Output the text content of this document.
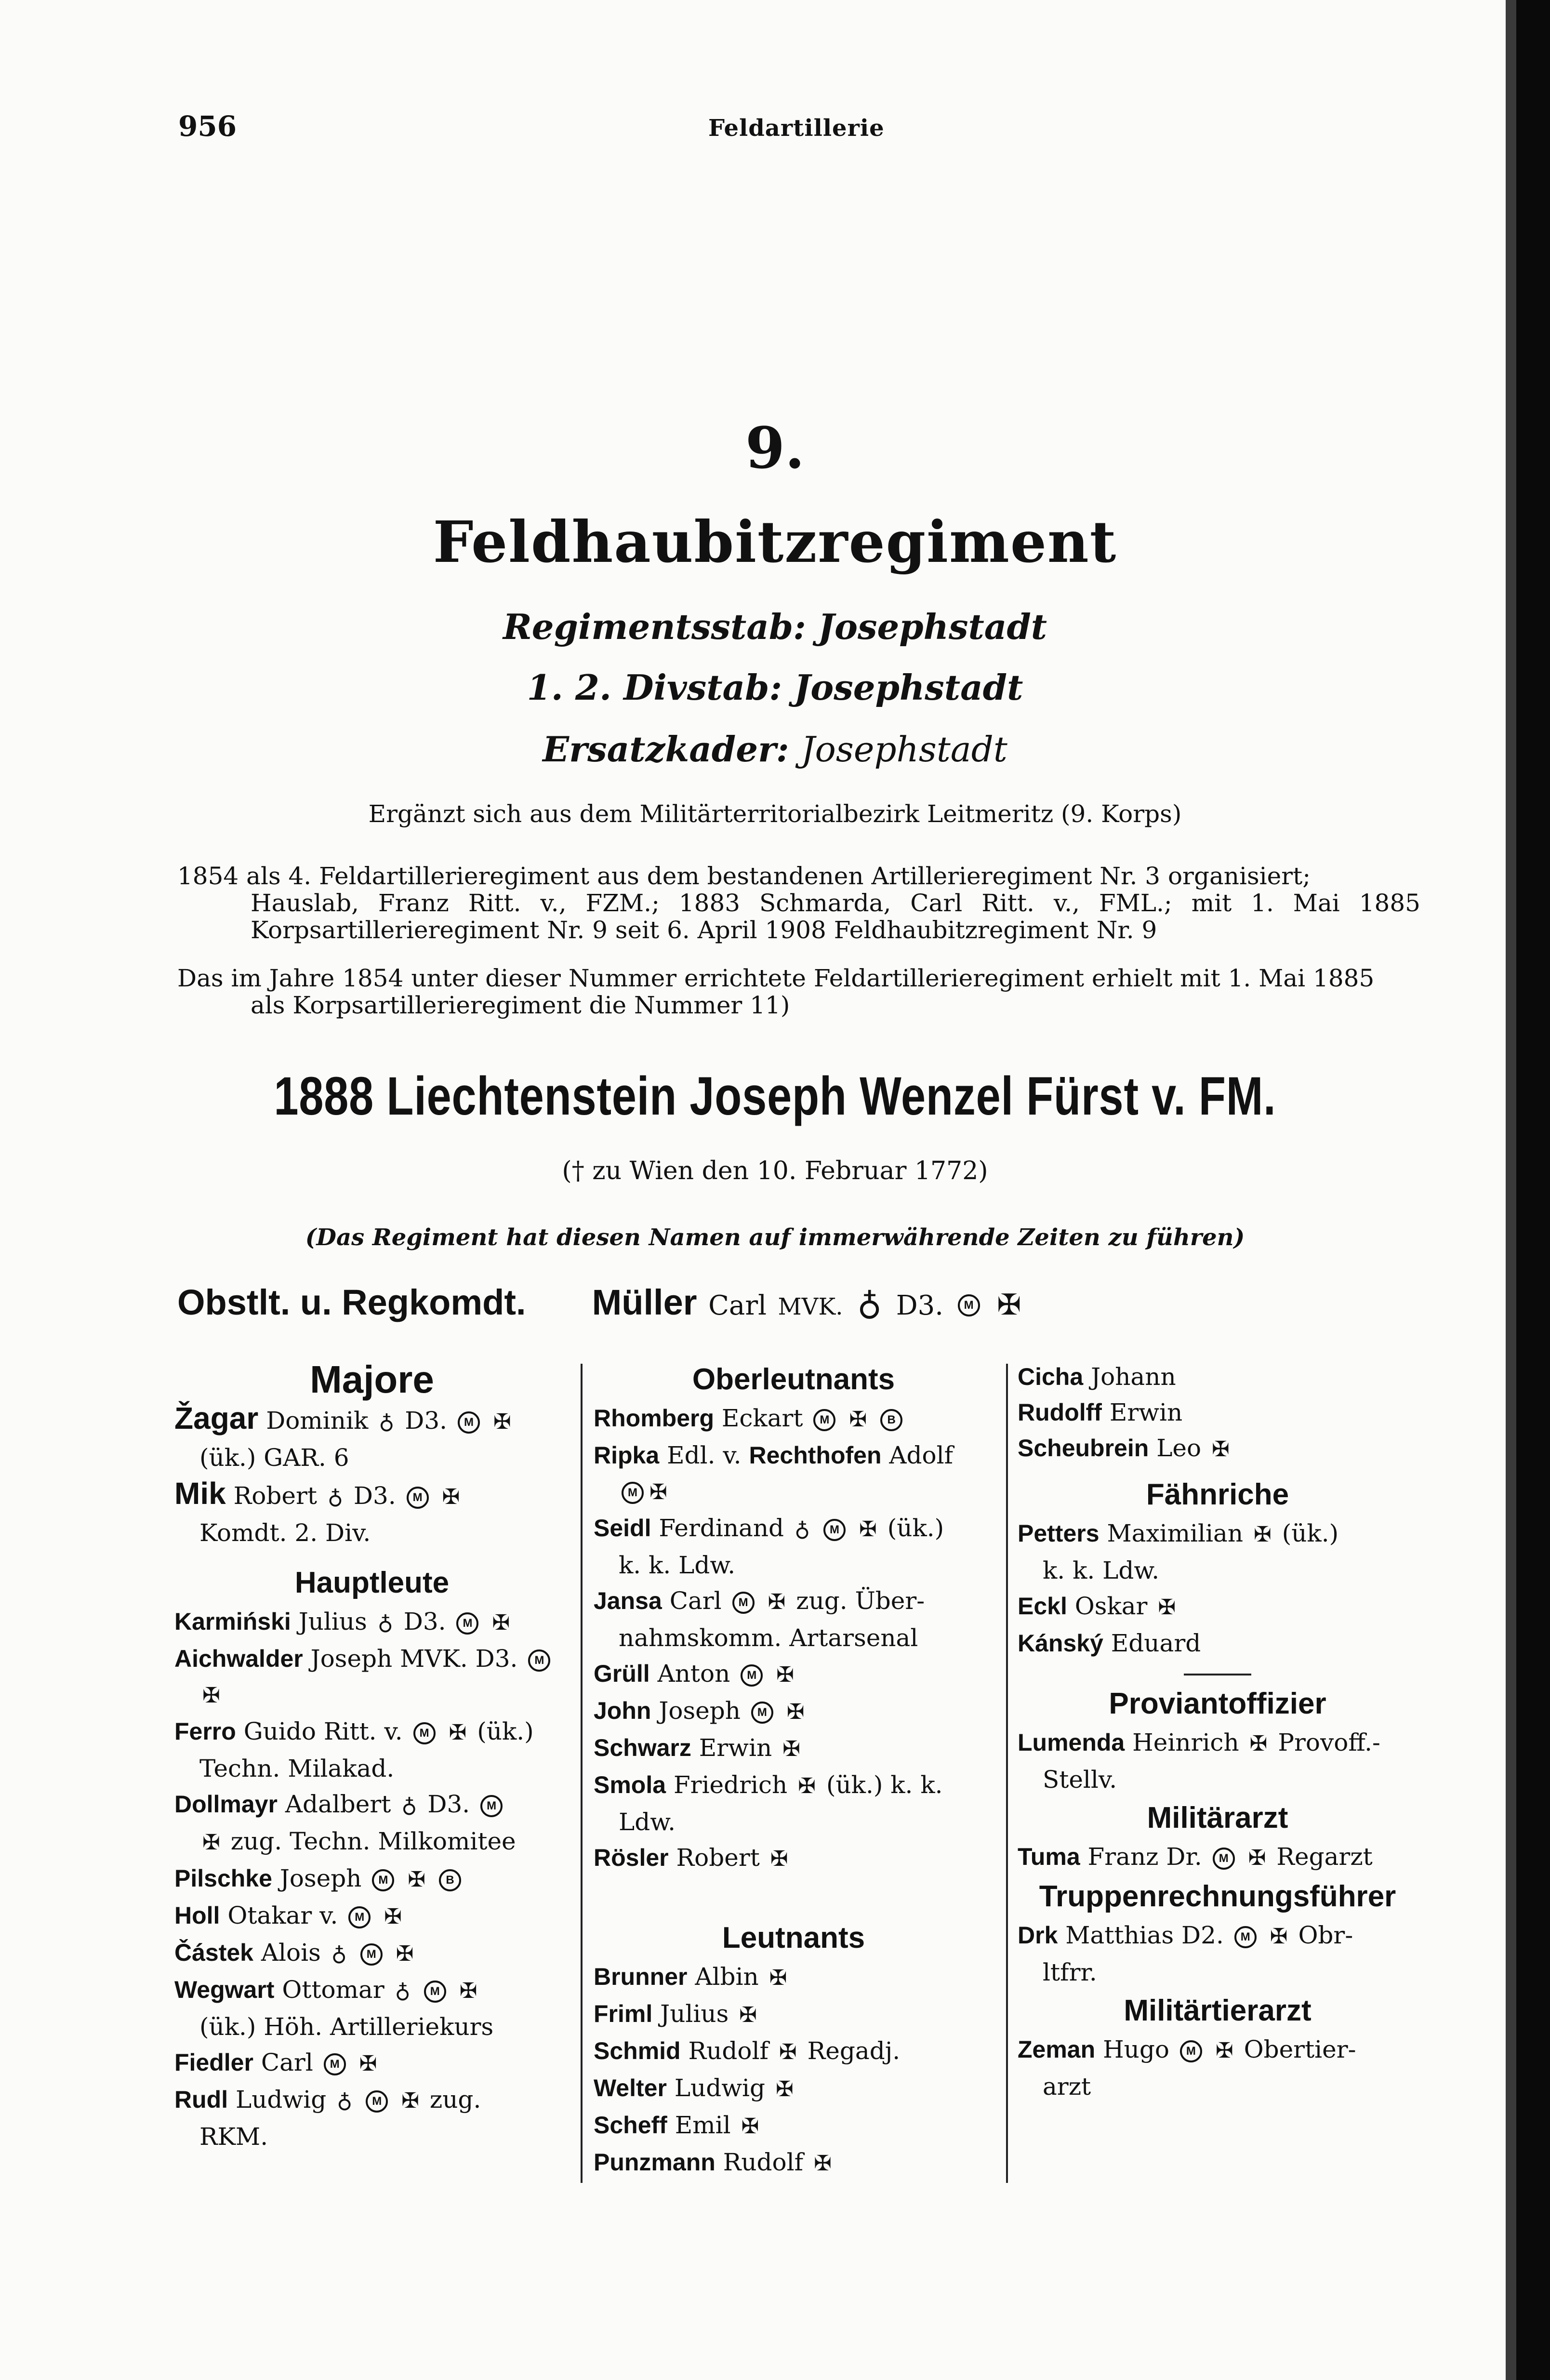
956	Feldartillerie
9.
Feldhaubitzregiment
Regimentsstab: Josephstadt
1. 2. Divstab: Josephstadt
Ersatzkader: Josephstadt
Ergänzt sich aus dem Militärterritorialbezirk Leitmeritz (9. Korps)
1854 als 4. Feldartillerieregiment aus dem bestandenen Artillerieregiment Nr. 3 organisiert;
Hauslab, Franz Ritt. v., FZM.; 1883 Schmarda, Carl Ritt. v., FML.; mit 1. Mai 1885 Korpsartillerieregiment Nr. 9 seit 6. April 1908 Feldhaubitzregiment Nr. 9
Das im Jahre 1854 unter dieser Nummer errichtete Feldartillerieregiment erhielt mit 1. Mai 1885
als Korpsartillerieregiment die Nummer 11)
1888 Liechtenstein Joseph Wenzel Fürst v. FM.
(† zu Wien den 10. Februar 1772)
(Das Regiment hat diesen Namen auf immerwährende Zeiten zu führen)
Obstlt. u. Regkomdt. Müller Carl MVK. ♁ D3. M ✠
Majore
Žagar Dominik ♁ D3. M ✠
(ük.) GAR. 6
Mik Robert ♁ D3. M ✠
Komdt. 2. Div.
Hauptleute
Karmiński Julius ♁ D3. M ✠
Aichwalder Joseph MVK. D3. M
✠
Ferro Guido Ritt. v. M ✠ (ük.)
Techn. Milakad.
Dollmayr Adalbert ♁ D3. M
✠ zug. Techn. Milkomitee
Pilschke Joseph M ✠ B
Holl Otakar v. M ✠
Částek Alois ♁ M ✠
Wegwart Ottomar ♁ M ✠
(ük.) Höh. Artilleriekurs
Fiedler Carl M ✠
Rudl Ludwig ♁ M ✠ zug.
RKM.
Oberleutnants
Rhomberg Eckart M ✠ B
Ripka Edl. v. Rechthofen Adolf
M ✠
Seidl Ferdinand ♁ M ✠ (ük.)
k. k. Ldw.
Jansa Carl M ✠ zug. Über-
nahmskomm. Artarsenal
Grüll Anton M ✠
John Joseph M ✠
Schwarz Erwin ✠
Smola Friedrich ✠ (ük.) k. k.
Ldw.
Rösler Robert ✠
Leutnants
Brunner Albin ✠
Friml Julius ✠
Schmid Rudolf ✠ Regadj.
Welter Ludwig ✠
Scheff Emil ✠
Punzmann Rudolf ✠
Cicha Johann
Rudolff Erwin
Scheubrein Leo ✠
Fähnriche
Petters Maximilian ✠ (ük.)
k. k. Ldw.
Eckl Oskar ✠
Kánský Eduard
Proviantoffizier
Lumenda Heinrich ✠ Provoff.-
Stellv.
Militärarzt
Tuma Franz Dr. M ✠ Regarzt
Truppenrechnungsführer
Drk Matthias D2. M ✠ Obr-
ltfrr.
Militärtierarzt
Zeman Hugo M ✠ Obertier-
arzt
